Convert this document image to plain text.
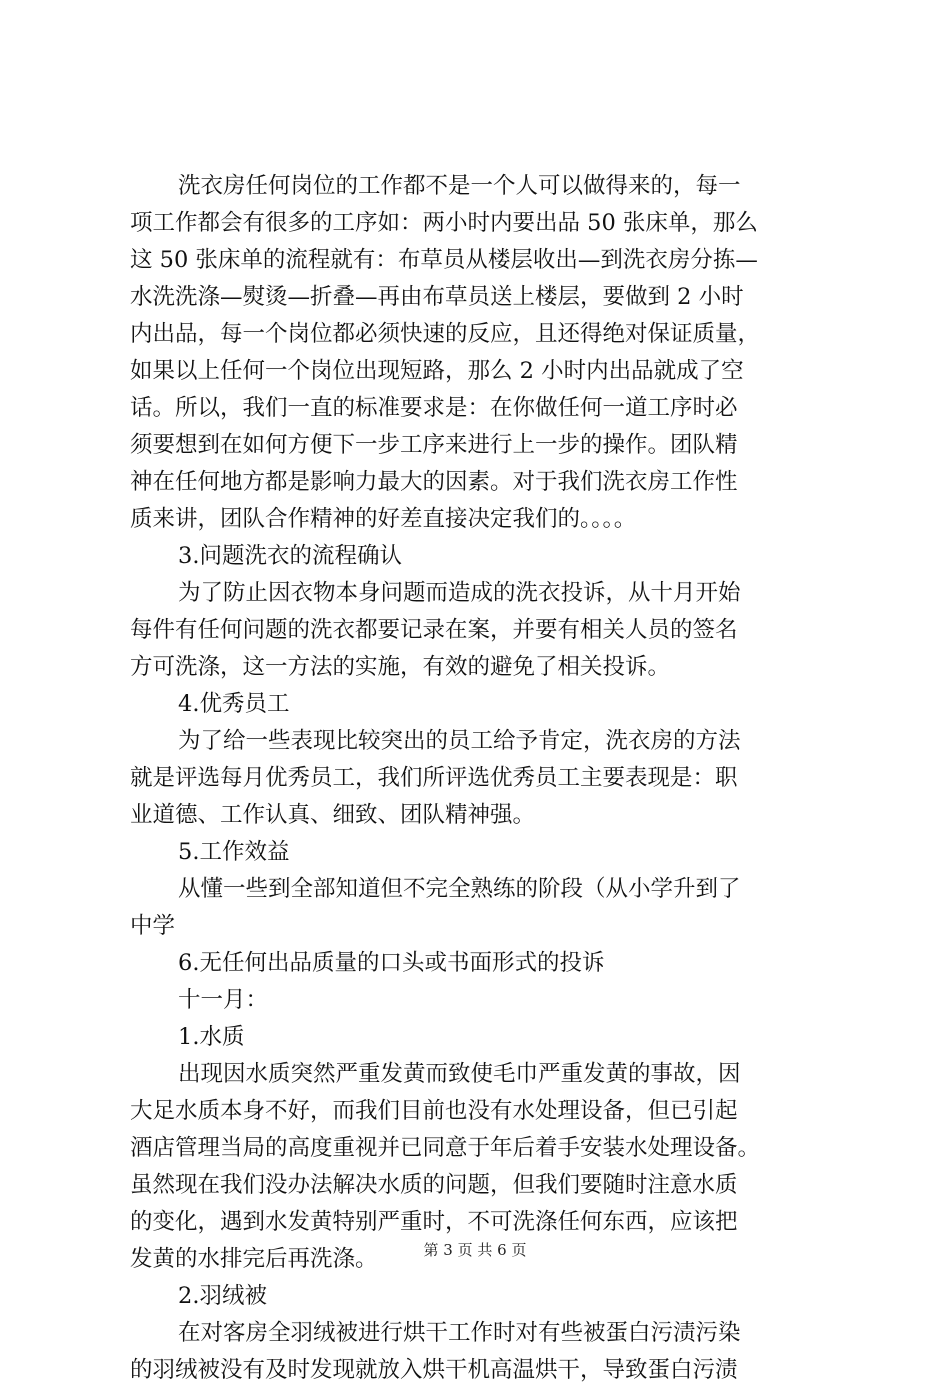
洗衣房任何岗位的工作都不是一个人可以做得来的，每一
项工作都会有很多的工序如：两小时内要出品 50 张床单，那么
这 50 张床单的流程就有：布草员从楼层收出—到洗衣房分拣—
水洗洗涤—熨烫—折叠—再由布草员送上楼层，要做到 2 小时
内出品，每一个岗位都必须快速的反应，且还得绝对保证质量，
如果以上任何一个岗位出现短路，那么 2 小时内出品就成了空
话。所以，我们一直的标准要求是：在你做任何一道工序时必
须要想到在如何方便下一步工序来进行上一步的操作。团队精
神在任何地方都是影响力最大的因素。对于我们洗衣房工作性
质来讲，团队合作精神的好差直接决定我们的。。。。
3.问题洗衣的流程确认
为了防止因衣物本身问题而造成的洗衣投诉，从十月开始
每件有任何问题的洗衣都要记录在案，并要有相关人员的签名
方可洗涤，这一方法的实施，有效的避免了相关投诉。
4.优秀员工
为了给一些表现比较突出的员工给予肯定，洗衣房的方法
就是评选每月优秀员工，我们所评选优秀员工主要表现是：职
业道德、工作认真、细致、团队精神强。
5.工作效益
从懂一些到全部知道但不完全熟练的阶段（从小学升到了
中学
6.无任何出品质量的口头或书面形式的投诉
十一月：
1.水质
出现因水质突然严重发黄而致使毛巾严重发黄的事故，因
大足水质本身不好，而我们目前也没有水处理设备，但已引起
酒店管理当局的高度重视并已同意于年后着手安装水处理设备。
虽然现在我们没办法解决水质的问题，但我们要随时注意水质
的变化，遇到水发黄特别严重时，不可洗涤任何东西，应该把
发黄的水排完后再洗涤。
2.羽绒被
在对客房全羽绒被进行烘干工作时对有些被蛋白污渍污染
的羽绒被没有及时发现就放入烘干机高温烘干，导致蛋白污渍
第 3 页 共 6 页
